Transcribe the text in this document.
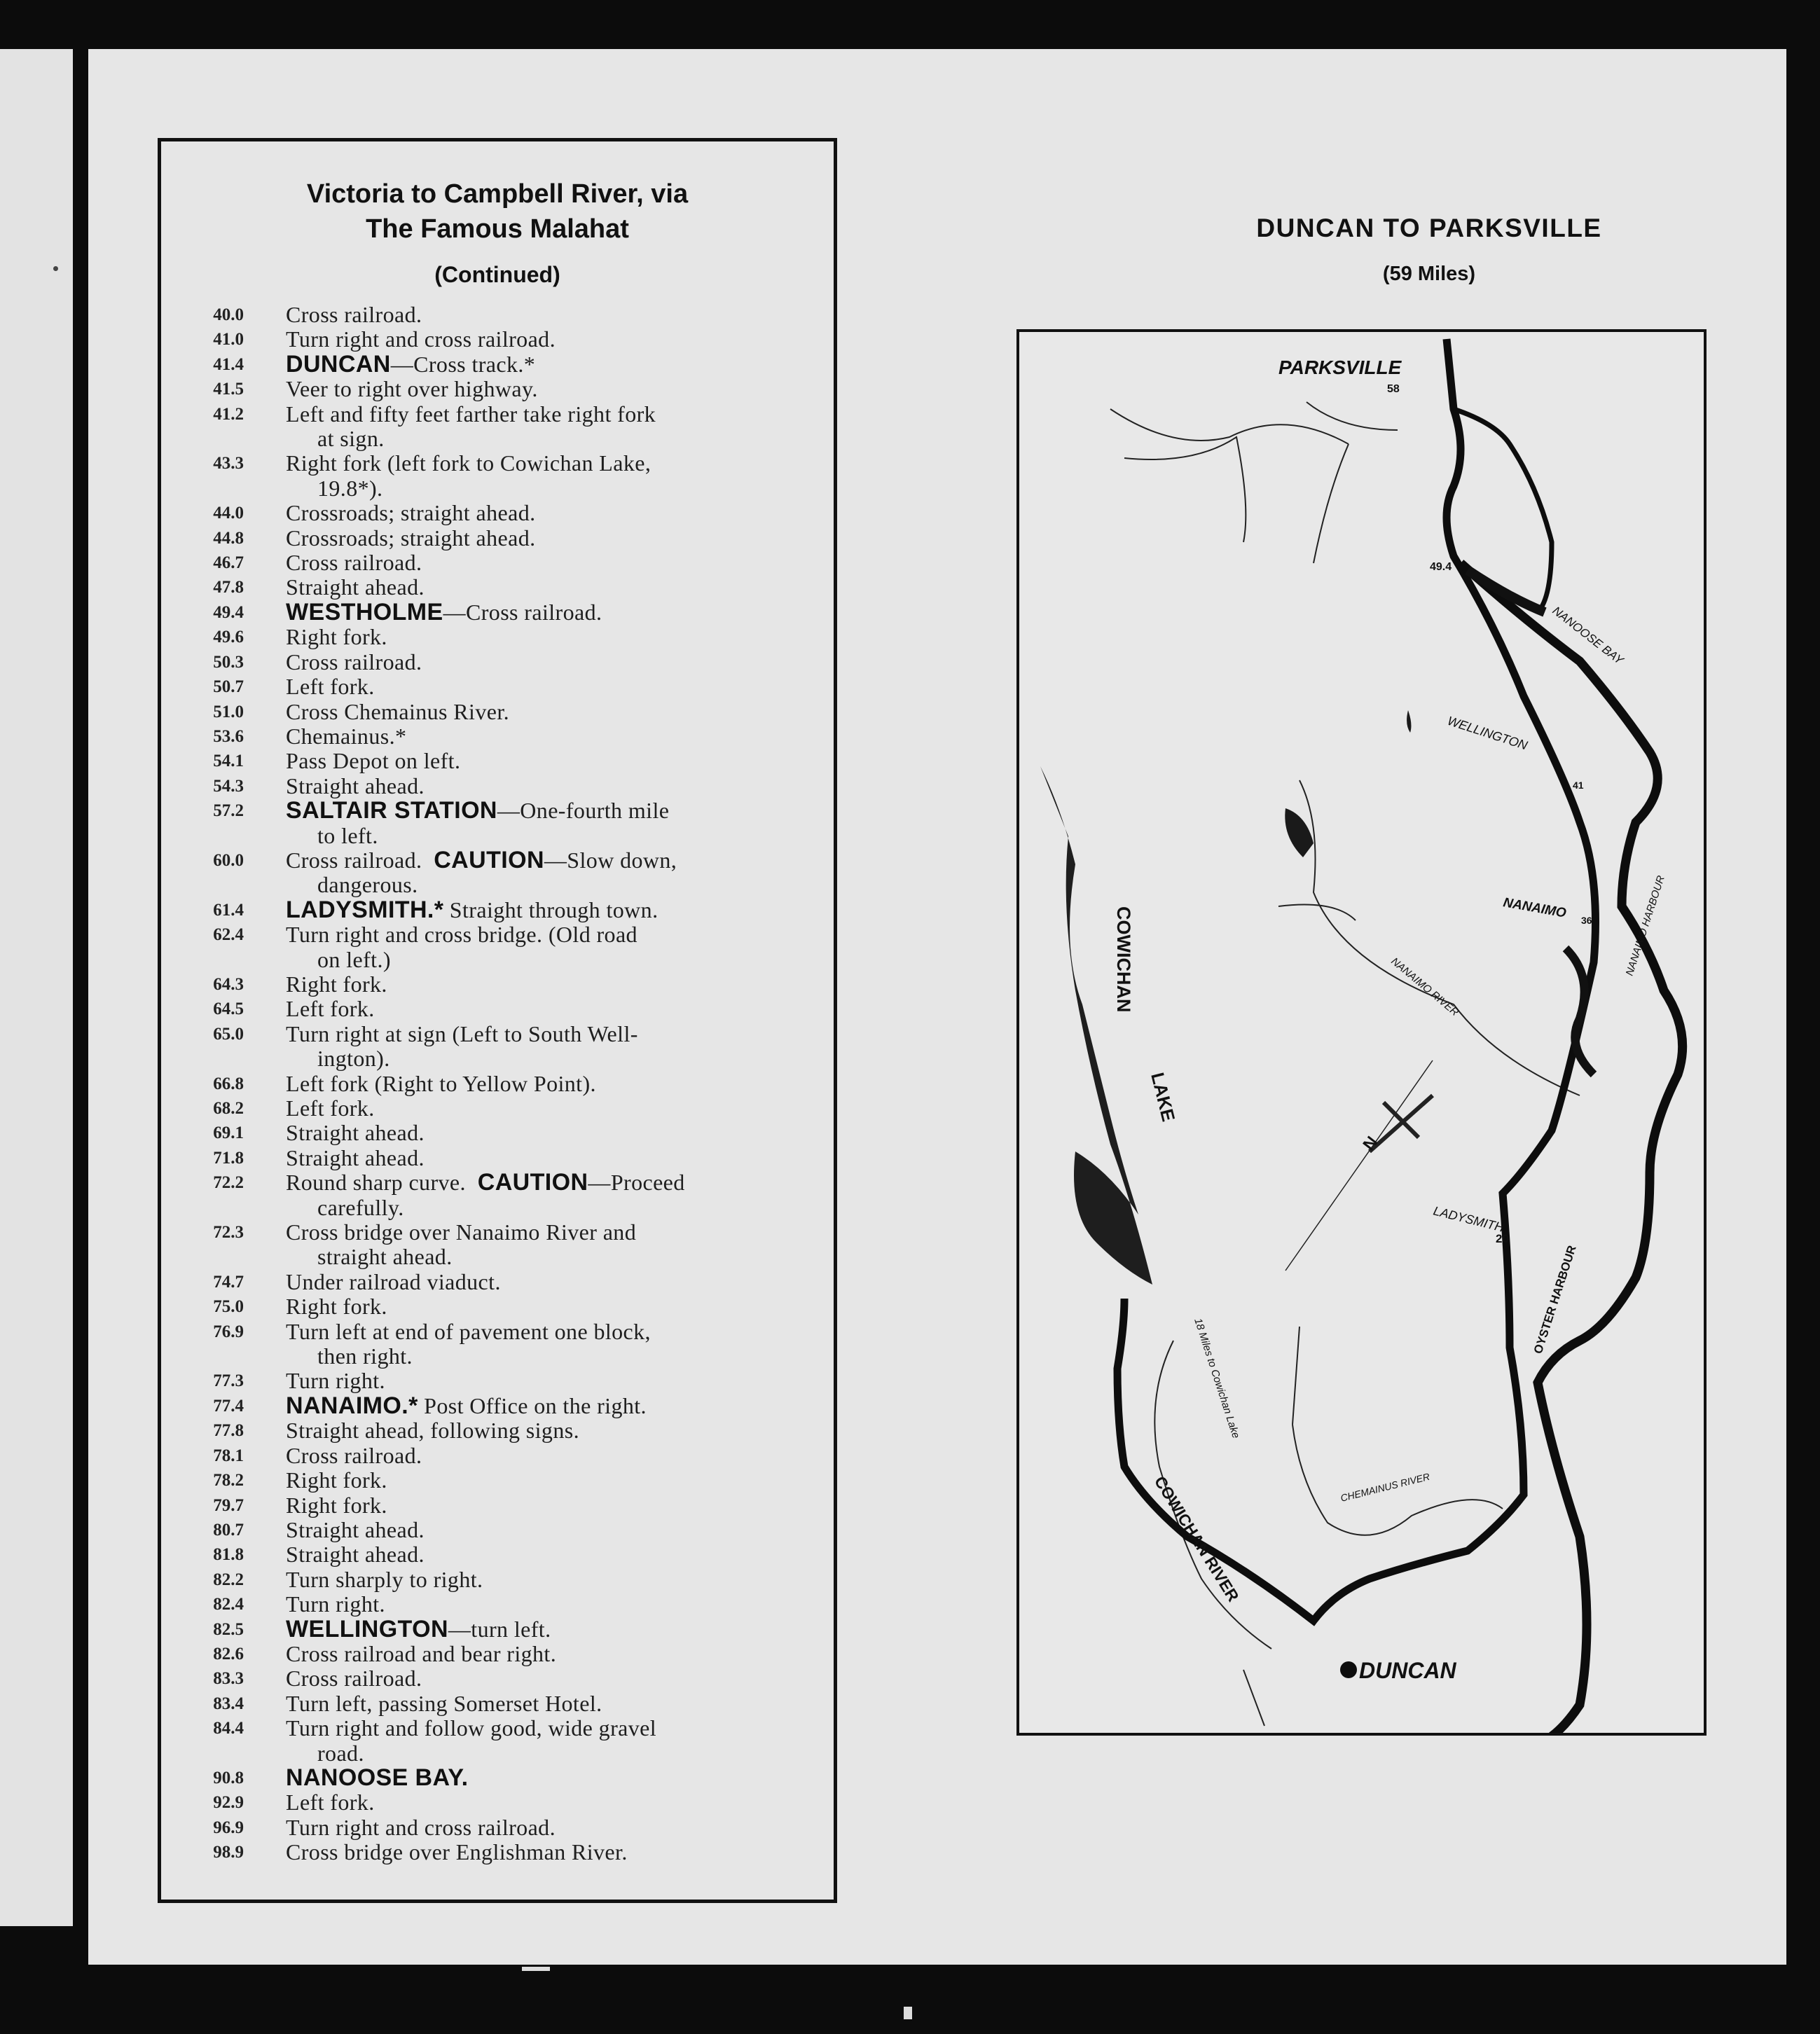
Victoria to Campbell River, via
The Famous Malahat
(Continued)
40.0 Cross railroad.
41.0 Turn right and cross railroad.
41.4 DUNCAN—Cross track.*
41.5 Veer to right over highway.
41.2 Left and fifty feet farther take right fork
at sign.
43.3 Right fork (left fork to Cowichan Lake,
19.8*).
44.0 Crossroads; straight ahead.
44.8 Crossroads; straight ahead.
46.7 Cross railroad.
47.8 Straight ahead.
49.4 WESTHOLME—Cross railroad.
49.6 Right fork.
50.3 Cross railroad.
50.7 Left fork.
51.0 Cross Chemainus River.
53.6 Chemainus.*
54.1 Pass Depot on left.
54.3 Straight ahead.
57.2 SALTAIR STATION—One-fourth mile
to left.
60.0 Cross railroad. CAUTION—Slow down,
dangerous.
61.4 LADYSMITH.* Straight through town.
62.4 Turn right and cross bridge. (Old road
on left.)
64.3 Right fork.
64.5 Left fork.
65.0 Turn right at sign (Left to South Well-
ington).
66.8 Left fork (Right to Yellow Point).
68.2 Left fork.
69.1 Straight ahead.
71.8 Straight ahead.
72.2 Round sharp curve. CAUTION—Proceed
carefully.
72.3 Cross bridge over Nanaimo River and
straight ahead.
74.7 Under railroad viaduct.
75.0 Right fork.
76.9 Turn left at end of pavement one block,
then right.
77.3 Turn right.
77.4 NANAIMO.* Post Office on the right.
77.8 Straight ahead, following signs.
78.1 Cross railroad.
78.2 Right fork.
79.7 Right fork.
80.7 Straight ahead.
81.8 Straight ahead.
82.2 Turn sharply to right.
82.4 Turn right.
82.5 WELLINGTON—turn left.
82.6 Cross railroad and bear right.
83.3 Cross railroad.
83.4 Turn left, passing Somerset Hotel.
84.4 Turn right and follow good, wide gravel
road.
90.8 NANOOSE BAY.
92.9 Left fork.
96.9 Turn right and cross railroad.
98.9 Cross bridge over Englishman River.
DUNCAN TO PARKSVILLE
(59 Miles)
PARKSVILLE
58
49.4
NANOOSE BAY
WELLINGTON
41
NANAIMO 36	NANAIMO HARBOUR
NANAIMO RIVER
COWICHAN
LAKE
N
LADYSMITH
20
OYSTER HARBOUR
18 Miles to Cowichan Lake
COWICHAN RIVER	CHEMAINUS RIVER
DUNCAN
